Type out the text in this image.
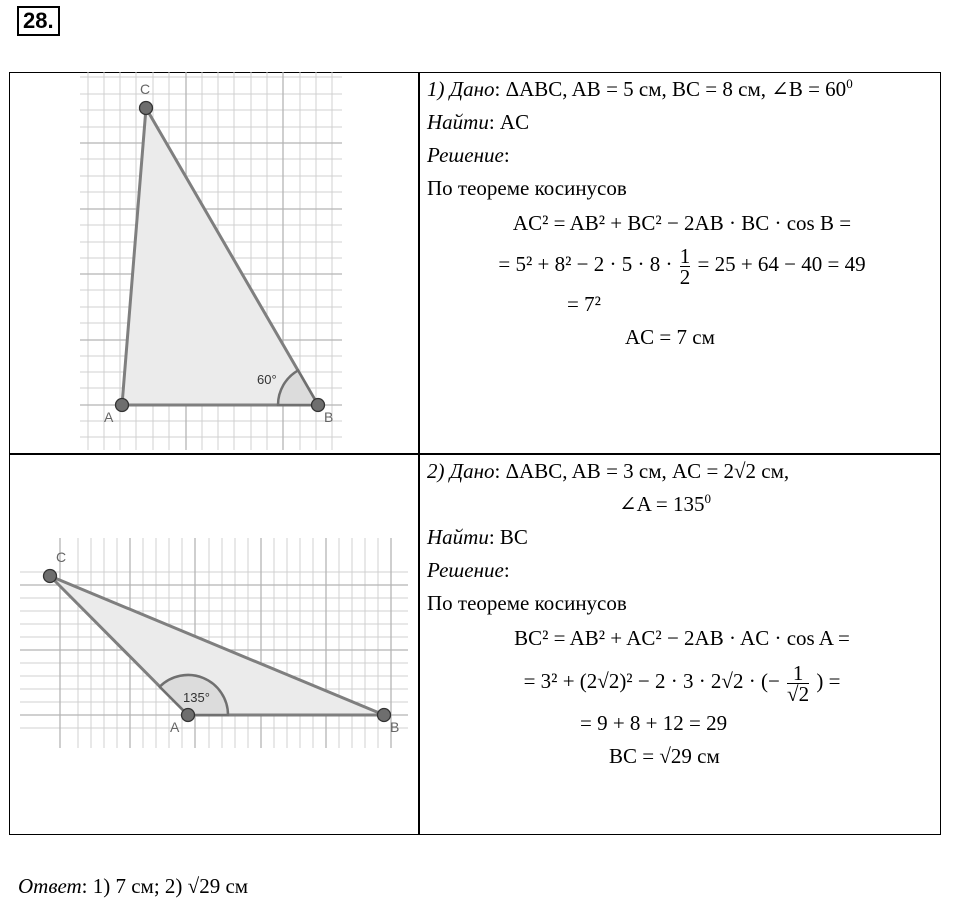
28.
C
A	B
60°
C
A	B
135°
1) Дано: ΔABC, AB = 5 см, BC = 8 см, ∠B = $60^0$
Найти: AC
Решение:
По теореме косинусов
AC² = AB² + BC² − 2AB · BC · cos B =
= $5^2 + 8^2 - 2 \cdot 5 \cdot 8 \cdot \frac{1}{2} = 25 + 64 - 40 = 49$
= 7²
AC = 7 см
2) Дано: ΔABC, AB = 3 см, AC = 2√2 см,
∠A = $135^0$
Найти: BC
Решение:
По теореме косинусов
BC² = AB² + AC² − 2AB · AC · cos A =
= 3² + (2√2)² − 2 · 3 · 2√2 · (− $\frac{1}{√2}$ ) =
= 9 + 8 + 12 = 29
BC = √29 см
Ответ: 1) 7 см; 2) √29 см
